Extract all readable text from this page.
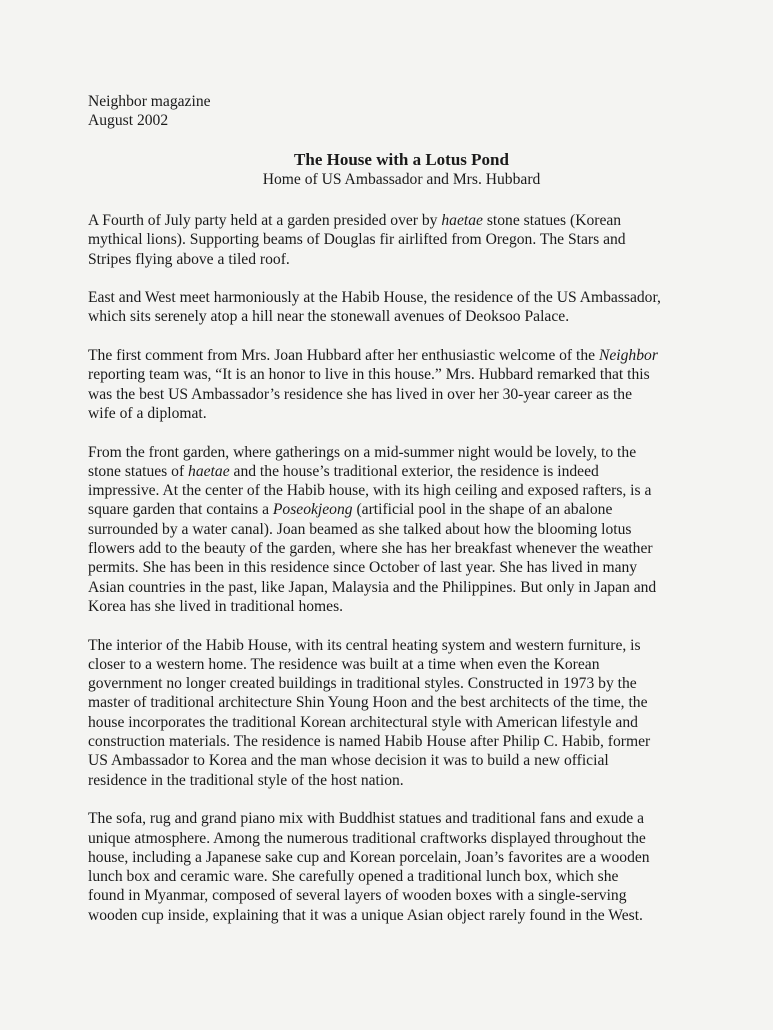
Neighbor magazine
August 2002
The House with a Lotus Pond
Home of US Ambassador and Mrs. Hubbard
A Fourth of July party held at a garden presided over by haetae stone statues (Korean
mythical lions). Supporting beams of Douglas fir airlifted from Oregon. The Stars and
Stripes flying above a tiled roof.
East and West meet harmoniously at the Habib House, the residence of the US Ambassador,
which sits serenely atop a hill near the stonewall avenues of Deoksoo Palace.
The first comment from Mrs. Joan Hubbard after her enthusiastic welcome of the Neighbor
reporting team was, “It is an honor to live in this house.” Mrs. Hubbard remarked that this
was the best US Ambassador’s residence she has lived in over her 30-year career as the
wife of a diplomat.
From the front garden, where gatherings on a mid-summer night would be lovely, to the
stone statues of haetae and the house’s traditional exterior, the residence is indeed
impressive. At the center of the Habib house, with its high ceiling and exposed rafters, is a
square garden that contains a Poseokjeong (artificial pool in the shape of an abalone
surrounded by a water canal). Joan beamed as she talked about how the blooming lotus
flowers add to the beauty of the garden, where she has her breakfast whenever the weather
permits. She has been in this residence since October of last year. She has lived in many
Asian countries in the past, like Japan, Malaysia and the Philippines. But only in Japan and
Korea has she lived in traditional homes.
The interior of the Habib House, with its central heating system and western furniture, is
closer to a western home. The residence was built at a time when even the Korean
government no longer created buildings in traditional styles. Constructed in 1973 by the
master of traditional architecture Shin Young Hoon and the best architects of the time, the
house incorporates the traditional Korean architectural style with American lifestyle and
construction materials. The residence is named Habib House after Philip C. Habib, former
US Ambassador to Korea and the man whose decision it was to build a new official
residence in the traditional style of the host nation.
The sofa, rug and grand piano mix with Buddhist statues and traditional fans and exude a
unique atmosphere. Among the numerous traditional craftworks displayed throughout the
house, including a Japanese sake cup and Korean porcelain, Joan’s favorites are a wooden
lunch box and ceramic ware. She carefully opened a traditional lunch box, which she
found in Myanmar, composed of several layers of wooden boxes with a single-serving
wooden cup inside, explaining that it was a unique Asian object rarely found in the West.
